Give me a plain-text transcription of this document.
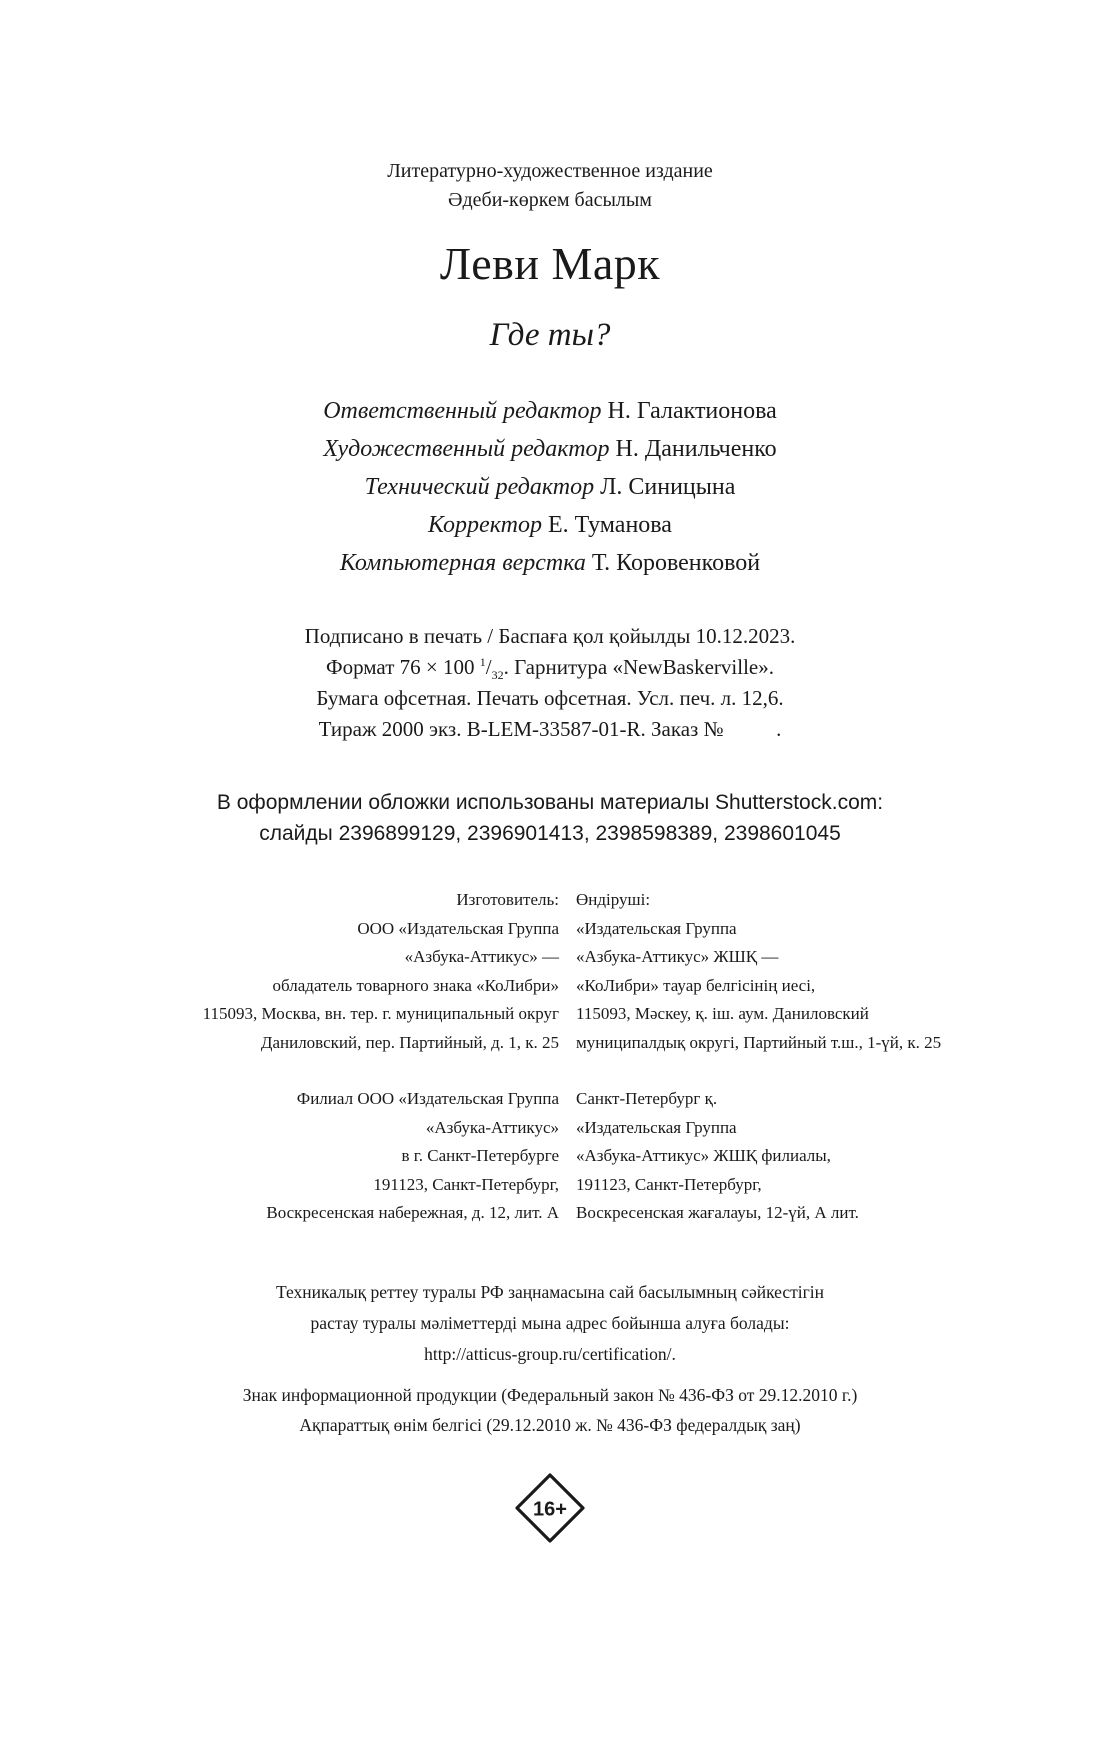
Литературно-художественное издание
Әдеби-көркем басылым
Леви Марк
Где ты?
Ответственный редактор Н. Галактионова
Художественный редактор Н. Данильченко
Технический редактор Л. Синицына
Корректор Е. Туманова
Компьютерная верстка Т. Коровенковой
Подписано в печать / Баспаға қол қойылды 10.12.2023.
Формат 76 × 100 $^1/_{32}$. Гарнитура «NewBaskerville».
Бумага офсетная. Печать офсетная. Усл. печ. л. 12,6.
Тираж 2000 экз. B-LEM-33587-01-R. Заказ №          .
В оформлении обложки использованы материалы Shutterstock.com:
слайды 2396899129, 2396901413, 2398598389, 2398601045
Изготовитель:
ООО «Издательская Группа
«Азбука-Аттикус» —
обладатель товарного знака «КоЛибри»
115093, Москва, вн. тер. г. муниципальный округ
Даниловский, пер. Партийный, д. 1, к. 25
Өндіруші:
«Издательская Группа
«Азбука-Аттикус» ЖШҚ —
«КоЛибри» тауар белгісінің иесі,
115093, Мәскеу, қ. іш. аум. Даниловский
муниципалдық округі, Партийный т.ш., 1-үй, к. 25
Филиал ООО «Издательская Группа
«Азбука-Аттикус»
в г. Санкт-Петербурге
191123, Санкт-Петербург,
Воскресенская набережная, д. 12, лит. А
Санкт-Петербург қ.
«Издательская Группа
«Азбука-Аттикус» ЖШҚ филиалы,
191123, Санкт-Петербург,
Воскресенская жағалауы, 12-үй, А лит.
Техникалық реттеу туралы РФ заңнамасына сай басылымның сәйкестігін
растау туралы мәліметтерді мына адрес бойынша алуға болады:
http://atticus-group.ru/certification/.
Знак информационной продукции (Федеральный закон № 436-ФЗ от 29.12.2010 г.)
Ақпараттық өнім белгісі (29.12.2010 ж. № 436-ФЗ федералдық заң)
16+
